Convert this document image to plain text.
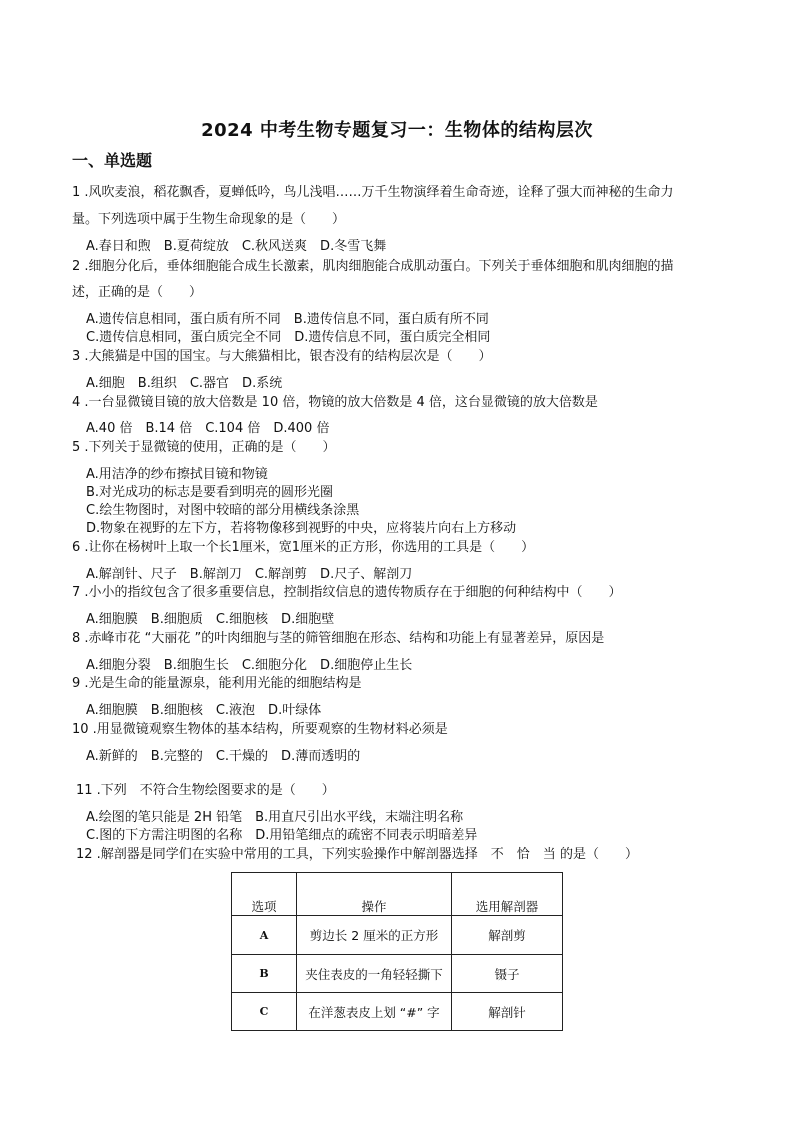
2024 中考生物专题复习一：生物体的结构层次
一、单选题
1 .风吹麦浪，稻花飘香，夏蝉低吟，鸟儿浅唱……万千生物演绎着生命奇迹，诠释了强大而神秘的生命力
量。下列选项中属于生物生命现象的是（　　）
A.春日和煦　B.夏荷绽放　C.秋风送爽　D.冬雪飞舞
2 .细胞分化后，垂体细胞能合成生长激素，肌肉细胞能合成肌动蛋白。下列关于垂体细胞和肌肉细胞的描
述，正确的是（　　）
A.遗传信息相同，蛋白质有所不同　B.遗传信息不同，蛋白质有所不同
C.遗传信息相同，蛋白质完全不同　D.遗传信息不同，蛋白质完全相同
3 .大熊猫是中国的国宝。与大熊猫相比，银杏没有的结构层次是（　　）
A.细胞　B.组织　C.器官　D.系统
4 .一台显微镜目镜的放大倍数是 10 倍，物镜的放大倍数是 4 倍，这台显微镜的放大倍数是
A.40 倍　B.14 倍　C.104 倍　D.400 倍
5 .下列关于显微镜的使用，正确的是（　　）
A.用洁净的纱布擦拭目镜和物镜
B.对光成功的标志是要看到明亮的圆形光圈
C.绘生物图时，对图中较暗的部分用横线条涂黑
D.物象在视野的左下方，若将物像移到视野的中央，应将装片向右上方移动
6 .让你在杨树叶上取一个长1厘米，宽1厘米的正方形，你选用的工具是（　　）
A.解剖针、尺子　B.解剖刀　C.解剖剪　D.尺子、解剖刀
7 .小小的指纹包含了很多重要信息，控制指纹信息的遗传物质存在于细胞的何种结构中（　　）
A.细胞膜　B.细胞质　C.细胞核　D.细胞壁
8 .赤峰市花 “大丽花 ”的叶肉细胞与茎的筛管细胞在形态、结构和功能上有显著差异，原因是
A.细胞分裂　B.细胞生长　C.细胞分化　D.细胞停止生长
9 .光是生命的能量源泉，能利用光能的细胞结构是
A.细胞膜　B.细胞核　C.液泡　D.叶绿体
10 .用显微镜观察生物体的基本结构，所要观察的生物材料必须是
A.新鲜的　B.完整的　C.干燥的　D.薄而透明的
11 .下列　不符合生物绘图要求的是（　　）
A.绘图的笔只能是 2H 铅笔　B.用直尺引出水平线，末端注明名称
C.图的下方需注明图的名称　D.用铅笔细点的疏密不同表示明暗差异
12 .解剖器是同学们在实验中常用的工具，下列实验操作中解剖器选择　不　恰　当 的是（　　）
选项	操作	选用解剖器
A	剪边长 2 厘米的正方形	解剖剪
B	夹住表皮的一角轻轻撕下	镊子
C	在洋葱表皮上划 “#” 字	解剖针
